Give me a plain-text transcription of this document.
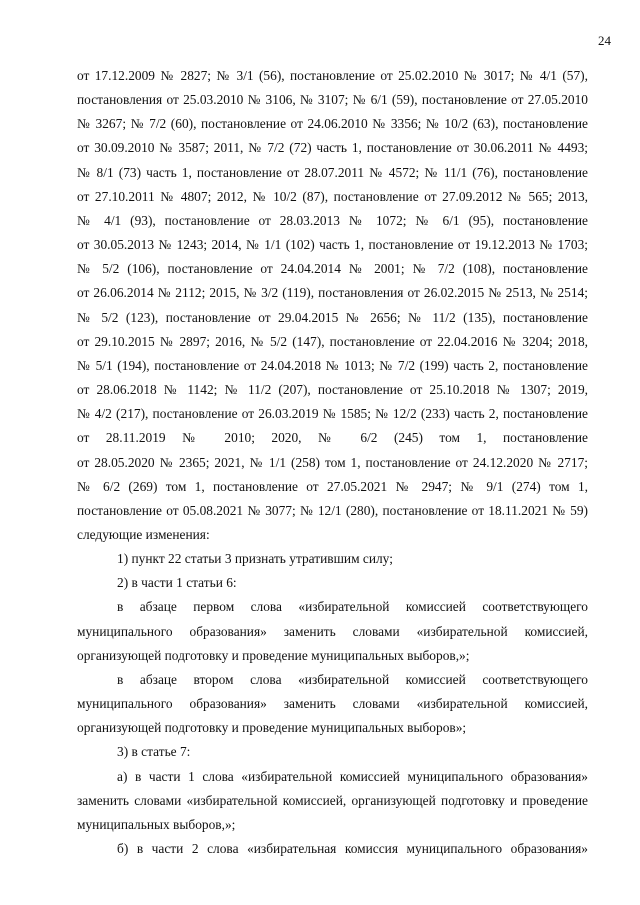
24
от 17.12.2009 № 2827; № 3/1 (56), постановление от 25.02.2010 № 3017; № 4/1 (57),
постановления от 25.03.2010 № 3106, № 3107; № 6/1 (59), постановление от 27.05.2010
№ 3267; № 7/2 (60), постановление от 24.06.2010 № 3356; № 10/2 (63), постановление
от 30.09.2010 № 3587; 2011, № 7/2 (72) часть 1, постановление от 30.06.2011 № 4493;
№ 8/1 (73) часть 1, постановление от 28.07.2011 № 4572; № 11/1 (76), постановление
от 27.10.2011 № 4807; 2012, № 10/2 (87), постановление от 27.09.2012 № 565; 2013,
№ 4/1 (93), постановление от 28.03.2013 № 1072; № 6/1 (95), постановление
от 30.05.2013 № 1243; 2014, № 1/1 (102) часть 1, постановление от 19.12.2013 № 1703;
№ 5/2 (106), постановление от 24.04.2014 № 2001; № 7/2 (108), постановление
от 26.06.2014 № 2112; 2015, № 3/2 (119), постановления от 26.02.2015 № 2513, № 2514;
№ 5/2 (123), постановление от 29.04.2015 № 2656; № 11/2 (135), постановление
от 29.10.2015 № 2897; 2016, № 5/2 (147), постановление от 22.04.2016 № 3204; 2018,
№ 5/1 (194), постановление от 24.04.2018 № 1013; № 7/2 (199) часть 2, постановление
от 28.06.2018 № 1142; № 11/2 (207), постановление от 25.10.2018 № 1307; 2019,
№ 4/2 (217), постановление от 26.03.2019 № 1585; № 12/2 (233) часть 2, постановление
от 28.11.2019 № 2010; 2020, № 6/2 (245) том 1, постановление
от 28.05.2020 № 2365; 2021, № 1/1 (258) том 1, постановление от 24.12.2020 № 2717;
№ 6/2 (269) том 1, постановление от 27.05.2021 № 2947; № 9/1 (274) том 1,
постановление от 05.08.2021 № 3077; № 12/1 (280), постановление от 18.11.2021 № 59)
следующие изменения:
1) пункт 22 статьи 3 признать утратившим силу;
2) в части 1 статьи 6:
в абзаце первом слова «избирательной комиссией соответствующего
муниципального образования» заменить словами «избирательной комиссией,
организующей подготовку и проведение муниципальных выборов,»;
в абзаце втором слова «избирательной комиссией соответствующего
муниципального образования» заменить словами «избирательной комиссией,
организующей подготовку и проведение муниципальных выборов»;
3) в статье 7:
а) в части 1 слова «избирательной комиссией муниципального образования»
заменить словами «избирательной комиссией, организующей подготовку и проведение
муниципальных выборов,»;
б) в части 2 слова «избирательная комиссия муниципального образования»
